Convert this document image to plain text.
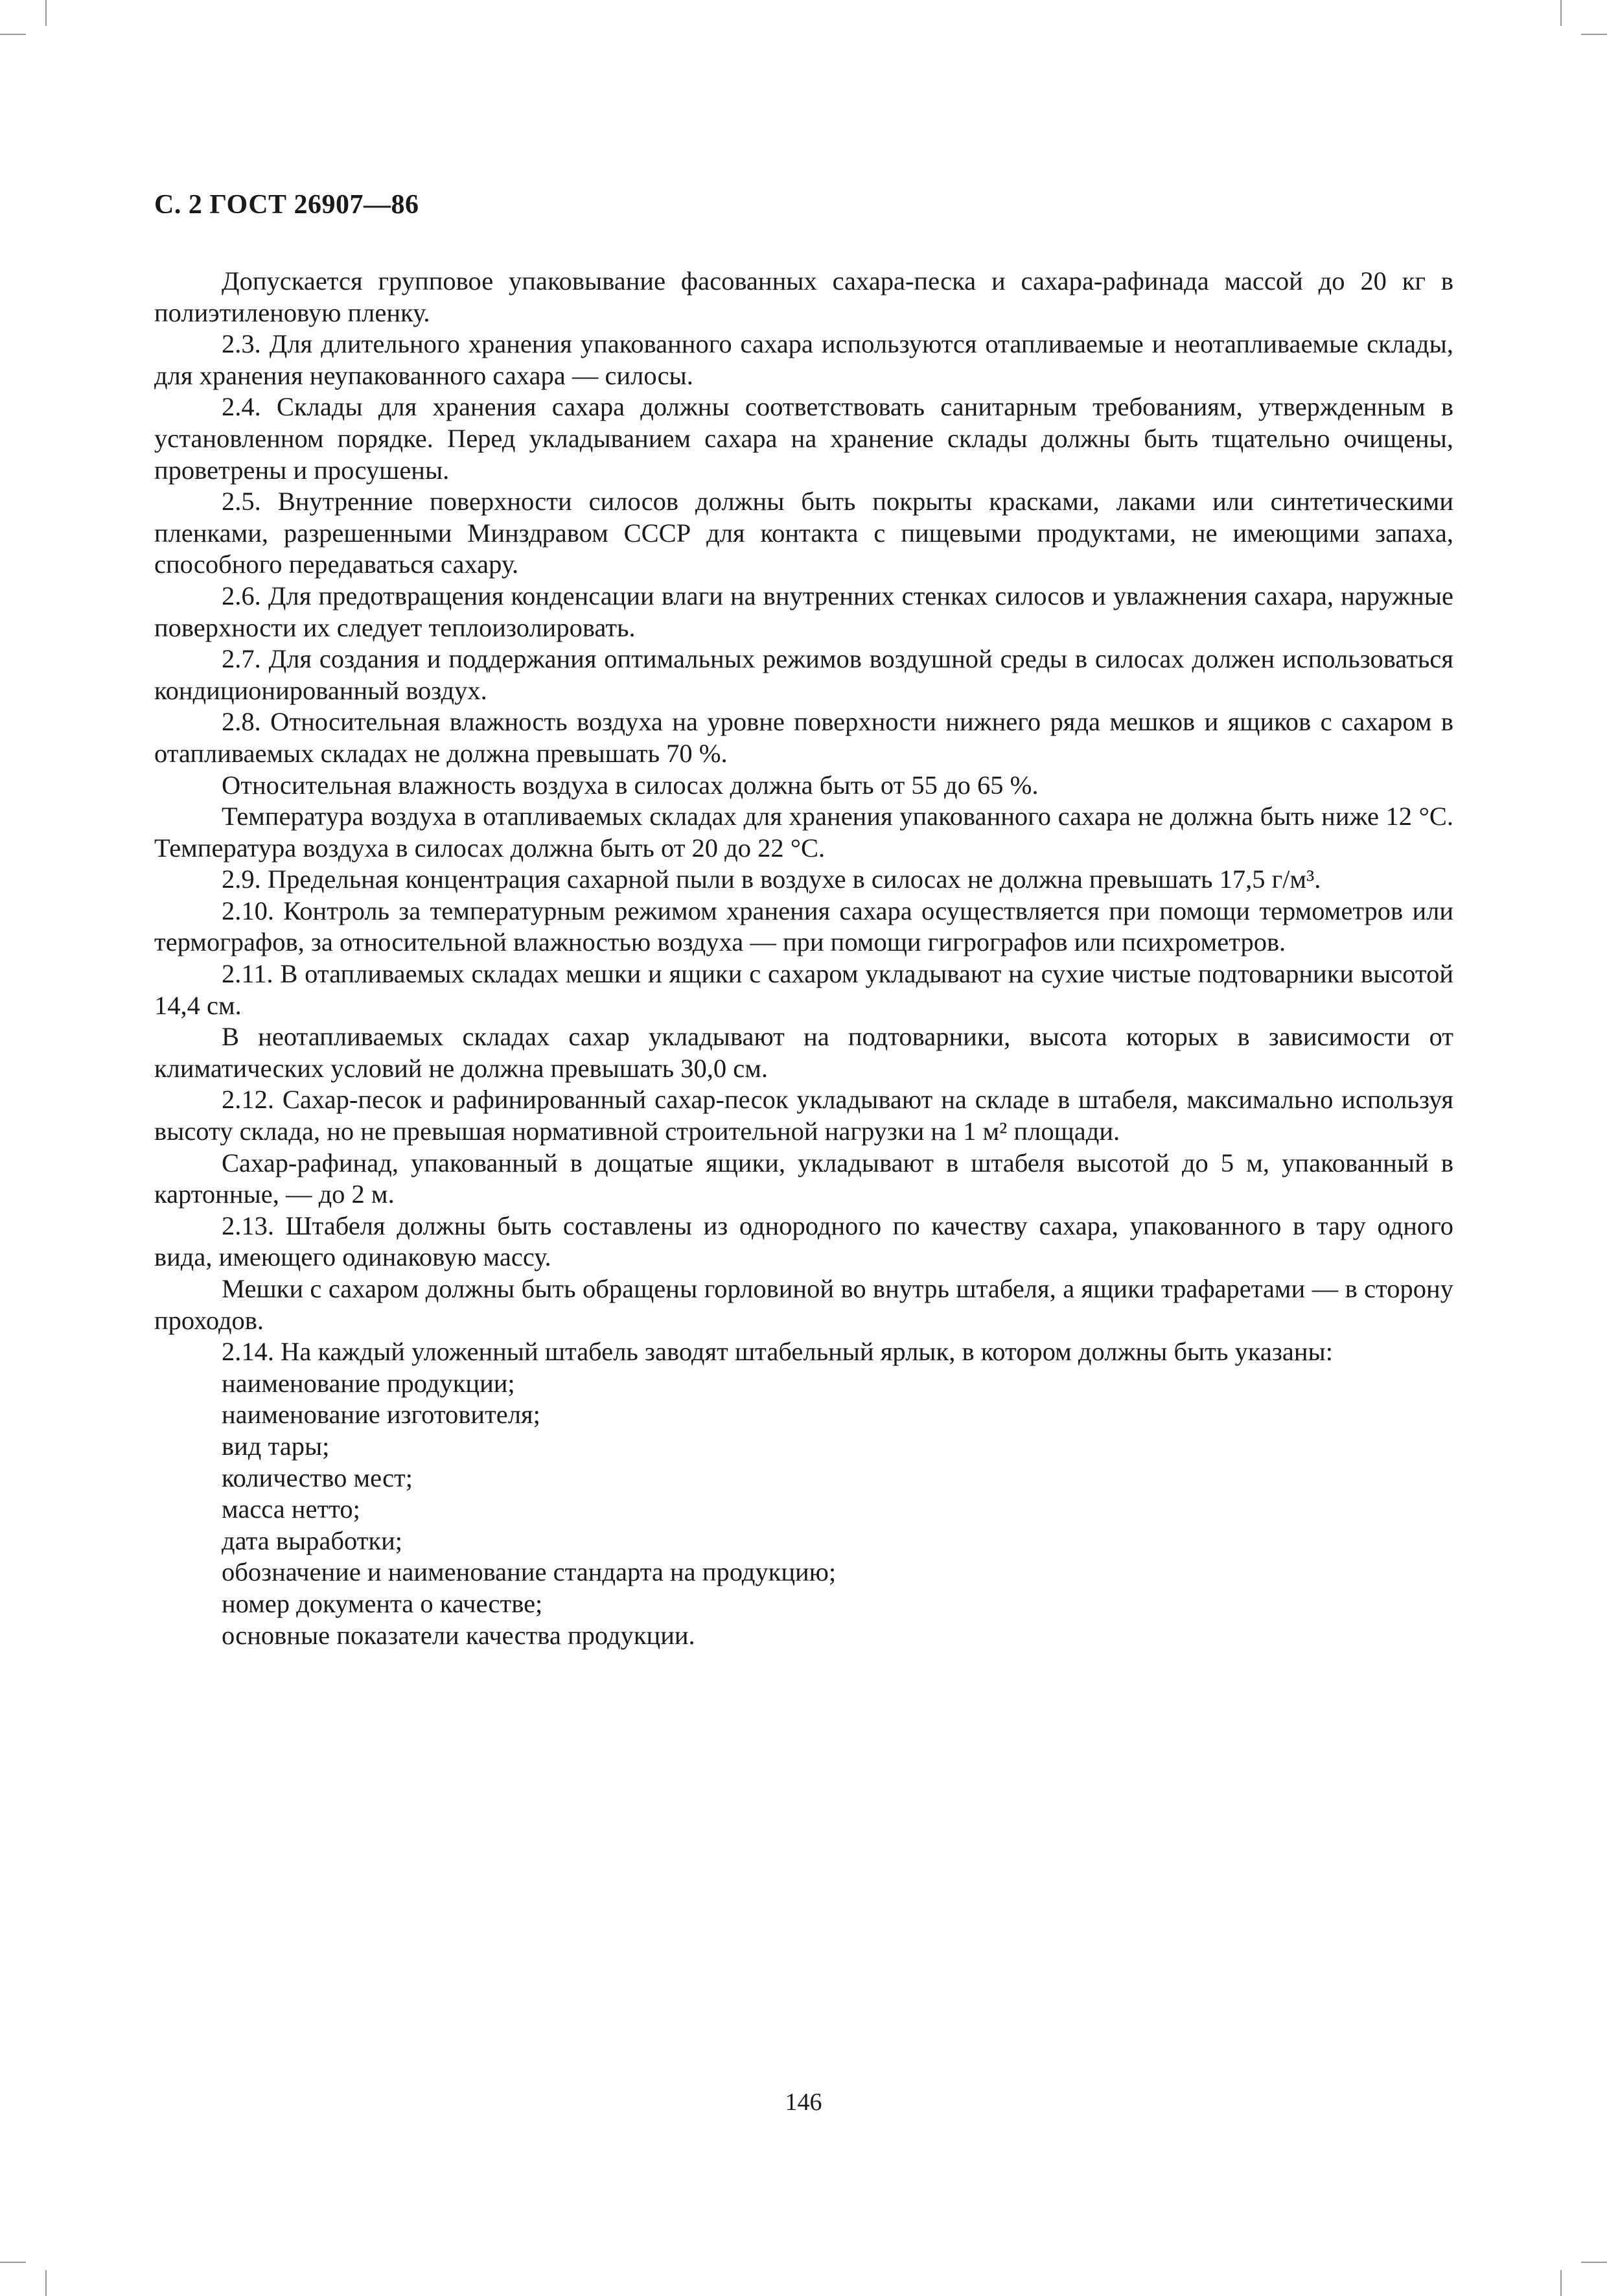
С. 2 ГОСТ 26907—86

Допускается групповое упаковывание фасованных сахара-песка и сахара-рафинада массой до 20 кг в полиэтиленовую пленку.

2.3. Для длительного хранения упакованного сахара используются отапливаемые и неотапливаемые склады, для хранения неупакованного сахара — силосы.

2.4. Склады для хранения сахара должны соответствовать санитарным требованиям, утвержденным в установленном порядке. Перед укладыванием сахара на хранение склады должны быть тщательно очищены, проветрены и просушены.

2.5. Внутренние поверхности силосов должны быть покрыты красками, лаками или синтетическими пленками, разрешенными Минздравом СССР для контакта с пищевыми продуктами, не имеющими запаха, способного передаваться сахару.

2.6. Для предотвращения конденсации влаги на внутренних стенках силосов и увлажнения сахара, наружные поверхности их следует теплоизолировать.

2.7. Для создания и поддержания оптимальных режимов воздушной среды в силосах должен использоваться кондиционированный воздух.

2.8. Относительная влажность воздуха на уровне поверхности нижнего ряда мешков и ящиков с сахаром в отапливаемых складах не должна превышать 70 %.

Относительная влажность воздуха в силосах должна быть от 55 до 65 %.

Температура воздуха в отапливаемых складах для хранения упакованного сахара не должна быть ниже 12 °С. Температура воздуха в силосах должна быть от 20 до 22 °С.

2.9. Предельная концентрация сахарной пыли в воздухе в силосах не должна превышать 17,5 г/м³.

2.10. Контроль за температурным режимом хранения сахара осуществляется при помощи термометров или термографов, за относительной влажностью воздуха — при помощи гигрографов или психрометров.

2.11. В отапливаемых складах мешки и ящики с сахаром укладывают на сухие чистые подтоварники высотой 14,4 см.

В неотапливаемых складах сахар укладывают на подтоварники, высота которых в зависимости от климатических условий не должна превышать 30,0 см.

2.12. Сахар-песок и рафинированный сахар-песок укладывают на складе в штабеля, максимально используя высоту склада, но не превышая нормативной строительной нагрузки на 1 м² площади.

Сахар-рафинад, упакованный в дощатые ящики, укладывают в штабеля высотой до 5 м, упакованный в картонные, — до 2 м.

2.13. Штабеля должны быть составлены из однородного по качеству сахара, упакованного в тару одного вида, имеющего одинаковую массу.

Мешки с сахаром должны быть обращены горловиной во внутрь штабеля, а ящики трафаретами — в сторону проходов.

2.14. На каждый уложенный штабель заводят штабельный ярлык, в котором должны быть указаны:

наименование продукции;
наименование изготовителя;
вид тары;
количество мест;
масса нетто;
дата выработки;
обозначение и наименование стандарта на продукцию;
номер документа о качестве;
основные показатели качества продукции.
146
